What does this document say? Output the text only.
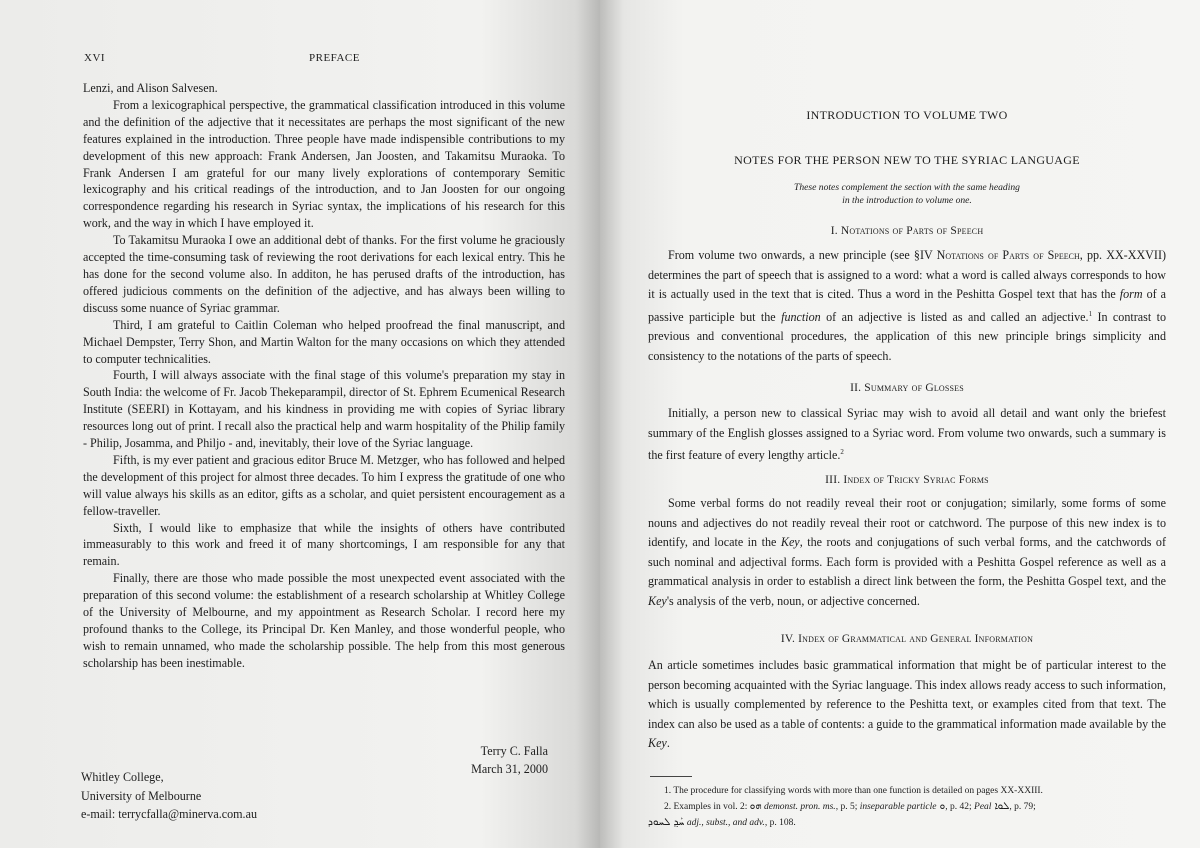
XVI	PREFACE

Lenzi, and Alison Salvesen.

From a lexicographical perspective, the grammatical classification introduced in this volume and the definition of the adjective that it necessitates are perhaps the most significant of the new features explained in the introduction. Three people have made indispensible contributions to my development of this new approach: Frank Andersen, Jan Joosten, and Takamitsu Muraoka. To Frank Andersen I am grateful for our many lively explorations of contemporary Semitic lexicography and his critical readings of the introduction, and to Jan Joosten for our ongoing correspondence regarding his research in Syriac syntax, the implications of his research for this work, and the way in which I have employed it.

To Takamitsu Muraoka I owe an additional debt of thanks. For the first volume he graciously accepted the time-consuming task of reviewing the root derivations for each lexical entry. This he has done for the second volume also. In additon, he has perused drafts of the introduction, has offered judicious comments on the definition of the adjective, and has always been willing to discuss some nuance of Syriac grammar.

Third, I am grateful to Caitlin Coleman who helped proofread the final manuscript, and Michael Dempster, Terry Shon, and Martin Walton for the many occasions on which they attended to computer technicalities.

Fourth, I will always associate with the final stage of this volume's preparation my stay in South India: the welcome of Fr. Jacob Thekeparampil, director of St. Ephrem Ecumenical Research Institute (SEERI) in Kottayam, and his kindness in providing me with copies of Syriac library resources long out of print. I recall also the practical help and warm hospitality of the Philip family - Philip, Josamma, and Philjo - and, inevitably, their love of the Syriac language.

Fifth, is my ever patient and gracious editor Bruce M. Metzger, who has followed and helped the development of this project for almost three decades. To him I express the gratitude of one who will value always his skills as an editor, gifts as a scholar, and quiet persistent encouragement as a fellow-traveller.

Sixth, I would like to emphasize that while the insights of others have contributed immeasurably to this work and freed it of many shortcomings, I am responsible for any that remain.

Finally, there are those who made possible the most unexpected event associated with the preparation of this second volume: the establishment of a research scholarship at Whitley College of the University of Melbourne, and my appointment as Research Scholar. I record here my profound thanks to the College, its Principal Dr. Ken Manley, and those wonderful people, who wish to remain unnamed, who made the scholarship possible. The help from this most generous scholarship has been inestimable.

Terry C. Falla
March 31, 2000
Whitley College,
University of Melbourne
e-mail: terrycfalla@minerva.com.au
INTRODUCTION TO VOLUME TWO
NOTES FOR THE PERSON NEW TO THE SYRIAC LANGUAGE
These notes complement the section with the same heading
in the introduction to volume one.
I. Notations of Parts of Speech

From volume two onwards, a new principle (see §IV Notations of Parts of Speech, pp. XX-XXVII) determines the part of speech that is assigned to a word: what a word is called always corresponds to how it is actually used in the text that is cited. Thus a word in the Peshitta Gospel text that has the form of a passive participle but the function of an adjective is listed as and called an adjective.$^1$ In contrast to previous and conventional procedures, the application of this new principle brings simplicity and consistency to the notations of the parts of speech.

II. Summary of Glosses

Initially, a person new to classical Syriac may wish to avoid all detail and want only the briefest summary of the English glosses assigned to a Syriac word. From volume two onwards, such a summary is the first feature of every lengthy article.$^2$

III. Index of Tricky Syriac Forms

Some verbal forms do not readily reveal their root or conjugation; similarly, some forms of some nouns and adjectives do not readily reveal their root or catchword. The purpose of this new index is to identify, and locate in the Key, the roots and conjugations of such verbal forms, and the catchwords of such nominal and adjectival forms. Each form is provided with a Peshitta Gospel reference as well as a grammatical analysis in order to establish a direct link between the form, the Peshitta Gospel text, and the Key's analysis of the verb, noun, or adjective concerned.

IV. Index of Grammatical and General Information

An article sometimes includes basic grammatical information that might be of particular interest to the person becoming acquainted with the Syriac language. This index allows ready access to such information, which is usually complemented by reference to the Peshitta text, or examples cited from that text. The index can also be used as a table of contents: a guide to the grammatical information made available by the Key.

1. The procedure for classifying words with more than one function is detailed on pages XX-XXIII.

2. Examples in vol. 2: ܗܘ demonst. pron. ms., p. 5; inseparable particle ܘ, p. 42; Peal ܠܘܐ, p. 79;
ܚܰܕ݂ ܠܚܘܕ adj., subst., and adv., p. 108.
